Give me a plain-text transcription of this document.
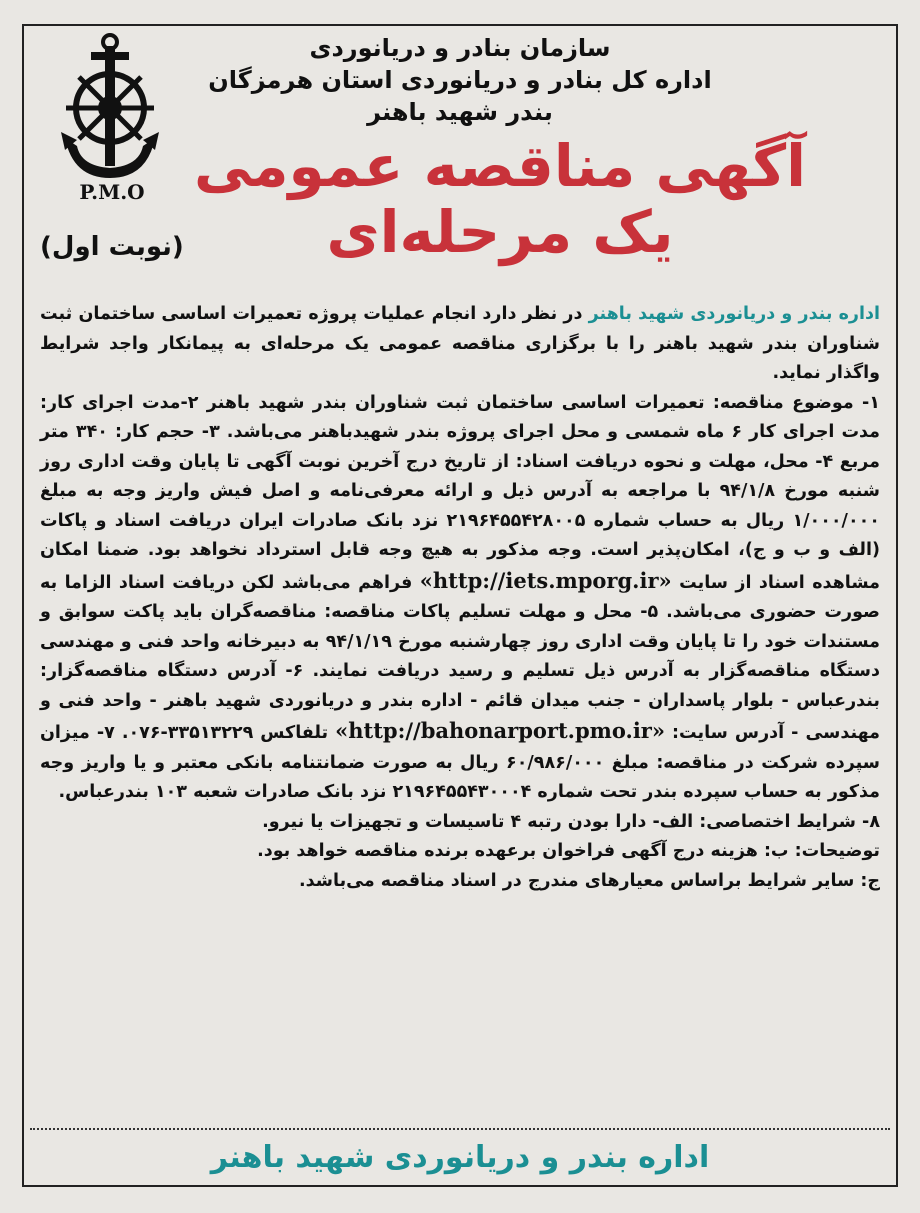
P.M.O
سازمان بنادر و دریانوردی
اداره کل بنادر و دریانوردی استان هرمزگان
بندر شهید باهنر
آگهی مناقصه عمومی
یک مرحله‌ای
(نوبت اول)

اداره بندر و دریانوردی شهید باهنر در نظر دارد انجام عملیات پروژه تعمیرات اساسی ساختمان ثبت شناوران بندر شهید باهنر را با برگزاری مناقصه عمومی یک مرحله‌ای به پیمانکار واجد شرایط واگذار نماید.

۱- موضوع مناقصه: تعمیرات اساسی ساختمان ثبت شناوران بندر شهید باهنر ۲-مدت اجرای کار: مدت اجرای کار ۶ ماه شمسی و محل اجرای پروژه بندر شهیدباهنر می‌باشد. ۳- حجم کار: ۳۴۰ متر مربع ۴- محل، مهلت و نحوه دریافت اسناد: از تاریخ درج آخرین نوبت آگهی تا پایان وقت اداری روز شنبه مورخ ۹۴/۱/۸ با مراجعه به آدرس ذیل و ارائه معرفی‌نامه و اصل فیش واریز وجه به مبلغ ۱/۰۰۰/۰۰۰ ریال به حساب شماره ۲۱۹۶۴۵۵۴۲۸۰۰۵ نزد بانک صادرات ایران دریافت اسناد و پاکات (الف و ب و ج)، امکان‌پذیر است. وجه مذکور به هیچ وجه قابل استرداد نخواهد بود. ضمنا امکان مشاهده اسناد از سایت «http://iets.mporg.ir» فراهم می‌باشد لکن دریافت اسناد الزاما به صورت حضوری می‌باشد. ۵- محل و مهلت تسلیم پاکات مناقصه: مناقصه‌گران باید پاکت سوابق و مستندات خود را تا پایان وقت اداری روز چهارشنبه مورخ ۹۴/۱/۱۹ به دبیرخانه واحد فنی و مهندسی دستگاه مناقصه‌گزار به آدرس ذیل تسلیم و رسید دریافت نمایند. ۶- آدرس دستگاه مناقصه‌گزار: بندرعباس - بلوار پاسداران - جنب میدان قائم - اداره بندر و دریانوردی شهید باهنر - واحد فنی و مهندسی - آدرس سایت: «http://bahonarport.pmo.ir» تلفاکس ۳۳۵۱۳۲۲۹-۰۷۶. ۷- میزان سپرده شرکت در مناقصه: مبلغ ۶۰/۹۸۶/۰۰۰ ریال به صورت ضمانتنامه بانکی معتبر و یا واریز وجه مذکور به حساب سپرده بندر تحت شماره ۲۱۹۶۴۵۵۴۳۰۰۰۴ نزد بانک صادرات شعبه ۱۰۳ بندرعباس.

۸- شرایط اختصاصی: الف- دارا بودن رتبه ۴ تاسیسات و تجهیزات یا نیرو.

توضیحات: ب: هزینه درج آگهی فراخوان برعهده برنده مناقصه خواهد بود.

ج: سایر شرایط براساس معیارهای مندرج در اسناد مناقصه می‌باشد.

اداره بندر و دریانوردی شهید باهنر
